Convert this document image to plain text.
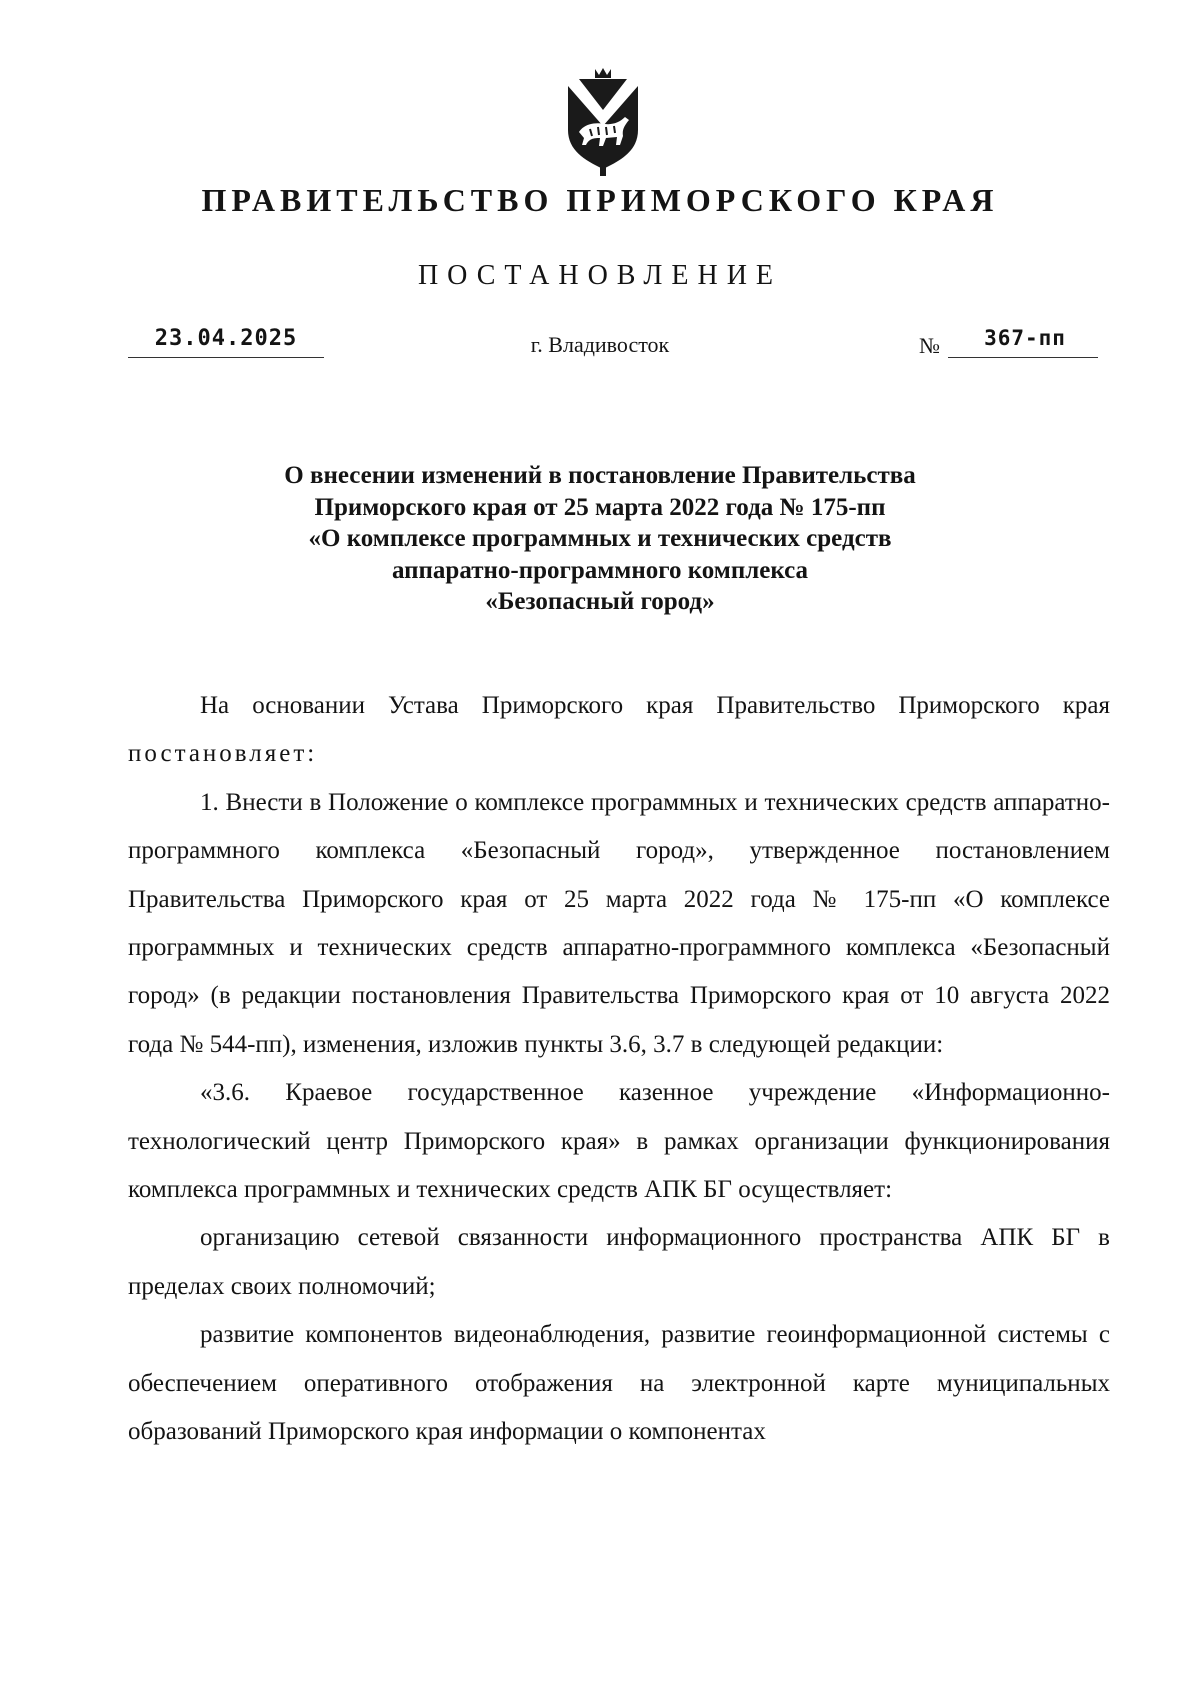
ПРАВИТЕЛЬСТВО ПРИМОРСКОГО КРАЯ
ПОСТАНОВЛЕНИЕ
23.04.2025	г. Владивосток	№	367-пп
О внесении изменений в постановление Правительства
Приморского края от 25 марта 2022 года № 175-пп
«О комплексе программных и технических средств
аппаратно-программного комплекса
«Безопасный город»

На основании Устава Приморского края Правительство Приморского края постановляет:

1. Внести в Положение о комплексе программных и технических средств аппаратно-программного комплекса «Безопасный город», утвержденное постановлением Правительства Приморского края от 25 марта 2022 года № 175-пп «О комплексе программных и технических средств аппаратно-программного комплекса «Безопасный город» (в редакции постановления Правительства Приморского края от 10 августа 2022 года № 544-пп), изменения, изложив пункты 3.6, 3.7 в следующей редакции:

«3.6. Краевое государственное казенное учреждение «Информационно-технологический центр Приморского края» в рамках организации функционирования комплекса программных и технических средств АПК БГ осуществляет:

организацию сетевой связанности информационного пространства АПК БГ в пределах своих полномочий;

развитие компонентов видеонаблюдения, развитие геоинформационной системы с обеспечением оперативного отображения на электронной карте муниципальных образований Приморского края информации о компонентах
